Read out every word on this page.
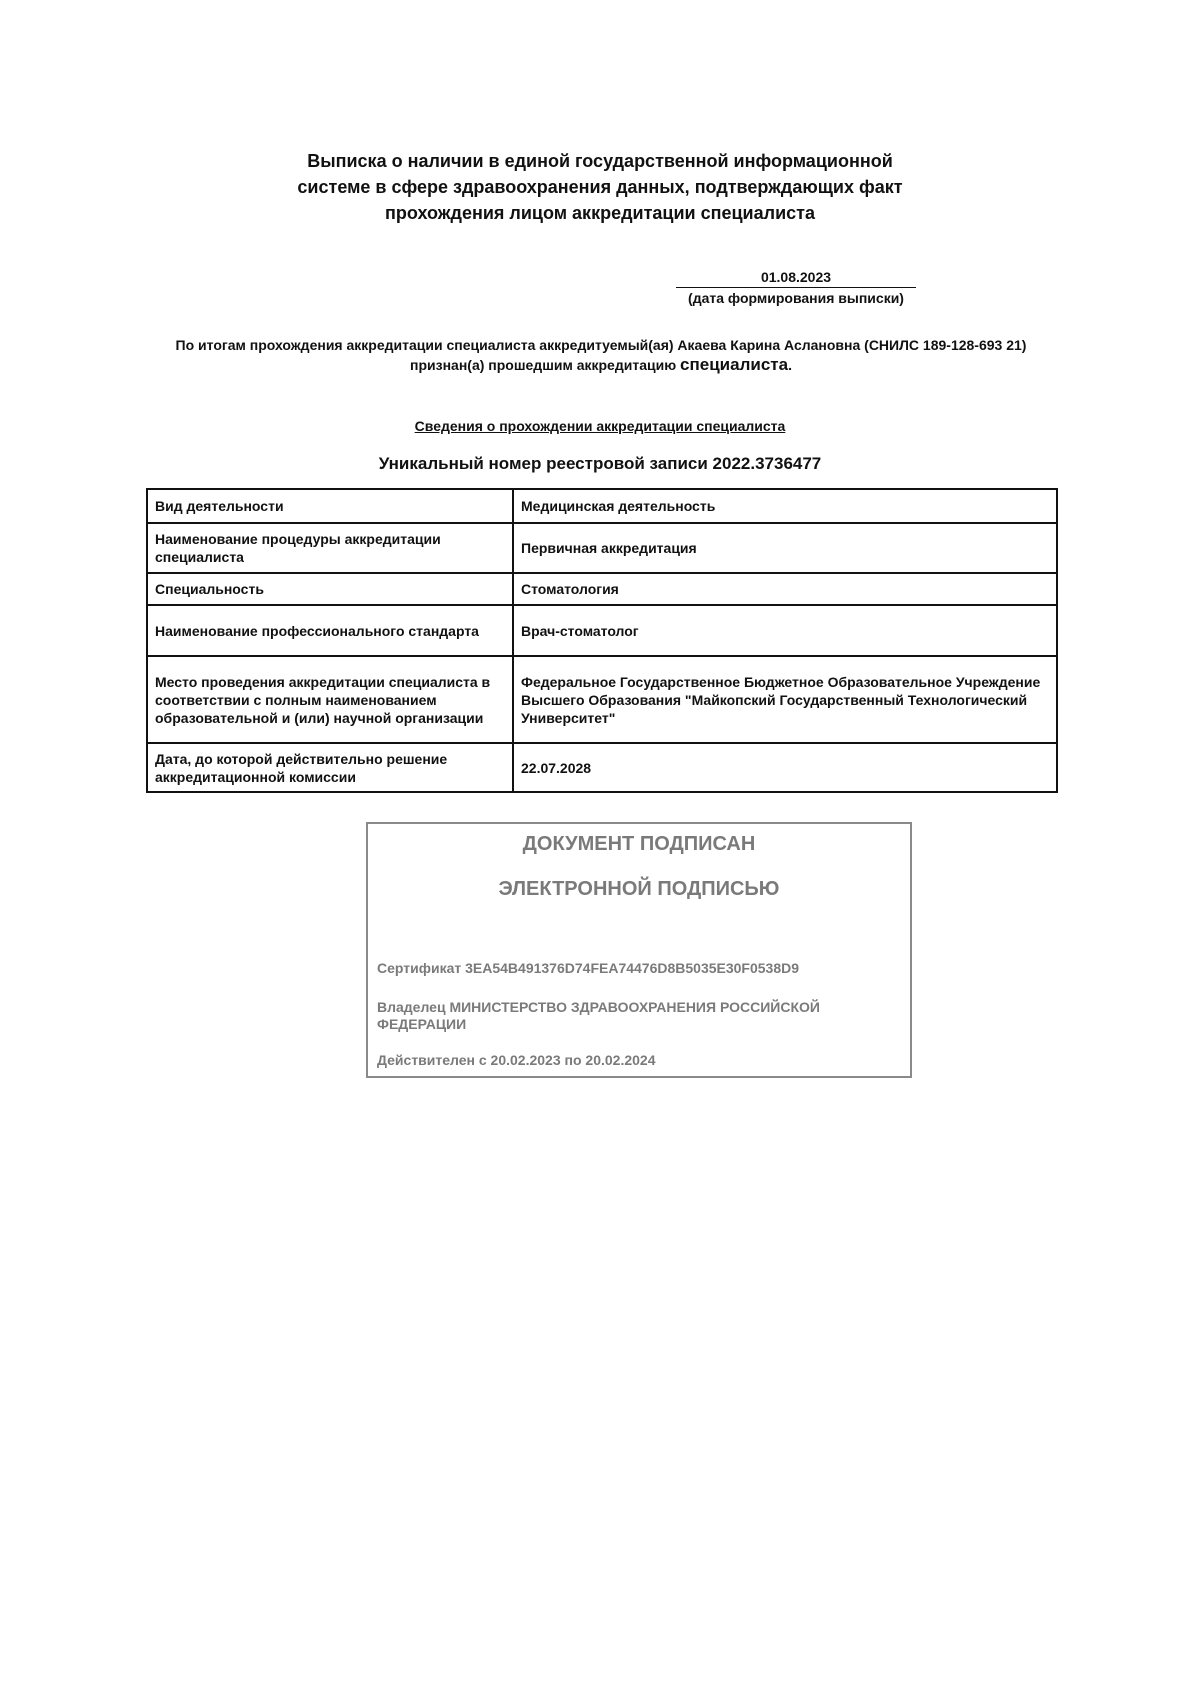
Выписка о наличии в единой государственной информационной
системе в сфере здравоохранения данных, подтверждающих факт
прохождения лицом аккредитации специалиста
01.08.2023
(дата формирования выписки)
По итогам прохождения аккредитации специалиста аккредитуемый(ая) Акаева Карина Аслановна (СНИЛС 189-128-693 21) признан(а) прошедшим аккредитацию специалиста.
Сведения о прохождении аккредитации специалиста
Уникальный номер реестровой записи 2022.3736477
Вид деятельности	Медицинская деятельность
Наименование процедуры аккредитации специалиста	Первичная аккредитация
Специальность	Стоматология
Наименование профессионального стандарта	Врач-стоматолог
Место проведения аккредитации специалиста в соответствии с полным наименованием образовательной и (или) научной организации	Федеральное Государственное Бюджетное Образовательное Учреждение Высшего Образования "Майкопский Государственный Технологический Университет"
Дата, до которой действительно решение аккредитационной комиссии	22.07.2028
ДОКУМЕНТ ПОДПИСАН
ЭЛЕКТРОННОЙ ПОДПИСЬЮ
Сертификат 3EA54B491376D74FEA74476D8B5035E30F0538D9
Владелец МИНИСТЕРСТВО ЗДРАВООХРАНЕНИЯ РОССИЙСКОЙ ФЕДЕРАЦИИ
Действителен с 20.02.2023 по 20.02.2024
